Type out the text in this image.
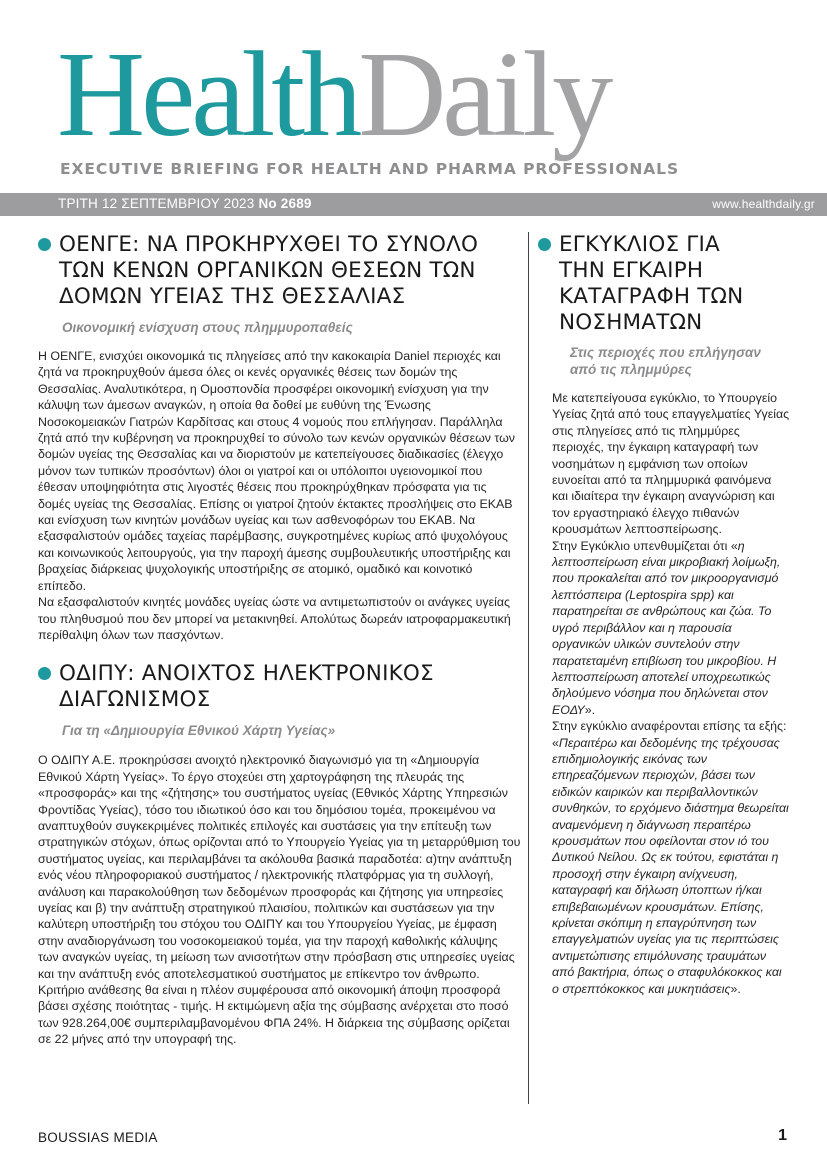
HealthDaily
EXECUTIVE BRIEFING FOR HEALTH AND PHARMA PROFESSIONALS
ΤΡΙΤΗ 12 ΣΕΠΤΕΜΒΡΙΟΥ 2023 No 2689	www.healthdaily.gr
ΟΕΝΓΕ: ΝΑ ΠΡΟΚΗΡΥΧΘΕΙ ΤΟ ΣΥΝΟΛΟ ΤΩΝ ΚΕΝΩΝ ΟΡΓΑΝΙΚΩΝ ΘΕΣΕΩΝ ΤΩΝ ΔΟΜΩΝ ΥΓΕΙΑΣ ΤΗΣ ΘΕΣΣΑΛΙΑΣ
Οικονομική ενίσχυση στους πλημμυροπαθείς

Η ΟΕΝΓΕ, ενισχύει οικονομικά τις πληγείσες από την κακοκαιρία Daniel περιοχές και ζητά να προκηρυχθούν άμεσα όλες οι κενές οργανικές θέσεις των δομών της Θεσσαλίας. Αναλυτικότερα, η Ομοσπονδία προσφέρει οικονομική ενίσχυση για την κάλυψη των άμεσων αναγκών, η οποία θα δοθεί με ευθύνη της Ένωσης Νοσοκομειακών Γιατρών Καρδίτσας και στους 4 νομούς που επλήγησαν. Παράλληλα ζητά από την κυβέρνηση να προκηρυχθεί το σύνολο των κενών οργανικών θέσεων των δομών υγείας της Θεσσαλίας και να διοριστούν με κατεπείγουσες διαδικασίες (έλεγχο μόνον των τυπικών προσόντων) όλοι οι γιατροί και οι υπόλοιποι υγειονομικοί που έθεσαν υποψηφιότητα στις λιγοστές θέσεις που προκηρύχθηκαν πρόσφατα για τις δομές υγείας της Θεσσαλίας. Επίσης οι γιατροί ζητούν έκτακτες προσλήψεις στο ΕΚΑΒ και ενίσχυση των κινητών μονάδων υγείας και των ασθενοφόρων του ΕΚΑΒ. Να εξασφαλιστούν ομάδες ταχείας παρέμβασης, συγκροτημένες κυρίως από ψυχολόγους και κοινωνικούς λειτουργούς, για την παροχή άμεσης συμβουλευτικής υποστήριξης και βραχείας διάρκειας ψυχολογικής υποστήριξης σε ατομικό, ομαδικό και κοινοτικό επίπεδο.

Να εξασφαλιστούν κινητές μονάδες υγείας ώστε να αντιμετωπιστούν οι ανάγκες υγείας του πληθυσμού που δεν μπορεί να μετακινηθεί. Απολύτως δωρεάν ιατροφαρμακευτική περίθαλψη όλων των πασχόντων.

ΟΔΙΠΥ: ΑΝΟΙΧΤΟΣ ΗΛΕΚΤΡΟΝΙΚΟΣ ΔΙΑΓΩΝΙΣΜΟΣ
Για τη «Δημιουργία Εθνικού Χάρτη Υγείας»

Ο ΟΔΙΠΥ Α.Ε. προκηρύσσει ανοιχτό ηλεκτρονικό διαγωνισμό για τη «Δημιουργία Εθνικού Χάρτη Υγείας». Το έργο στοχεύει στη χαρτογράφηση της πλευράς της «προσφοράς» και της «ζήτησης» του συστήματος υγείας (Εθνικός Χάρτης Υπηρεσιών Φροντίδας Υγείας), τόσο του ιδιωτικού όσο και του δημόσιου τομέα, προκειμένου να αναπτυχθούν συγκεκριμένες πολιτικές επιλογές και συστάσεις για την επίτευξη των στρατηγικών στόχων, όπως ορίζονται από το Υπουργείο Υγείας για τη μεταρρύθμιση του συστήματος υγείας, και περιλαμβάνει τα ακόλουθα βασικά παραδοτέα: α)την ανάπτυξη ενός νέου πληροφοριακού συστήματος / ηλεκτρονικής πλατφόρμας για τη συλλογή, ανάλυση και παρακολούθηση των δεδομένων προσφοράς και ζήτησης για υπηρεσίες υγείας και β) την ανάπτυξη στρατηγικού πλαισίου, πολιτικών και συστάσεων για την καλύτερη υποστήριξη του στόχου του ΟΔΙΠΥ και του Υπουργείου Υγείας, με έμφαση στην αναδιοργάνωση του νοσοκομειακού τομέα, για την παροχή καθολικής κάλυψης των αναγκών υγείας, τη μείωση των ανισοτήτων στην πρόσβαση στις υπηρεσίες υγείας και την ανάπτυξη ενός αποτελεσματικού συστήματος με επίκεντρο τον άνθρωπο. Κριτήριο ανάθεσης θα είναι η πλέον συμφέρουσα από οικονομική άποψη προσφορά βάσει σχέσης ποιότητας - τιμής. Η εκτιμώμενη αξία της σύμβασης ανέρχεται στο ποσό των 928.264,00€ συμπεριλαμβανομένου ΦΠΑ 24%. Η διάρκεια της σύμβασης ορίζεται σε 22 μήνες από την υπογραφή της.

ΕΓΚΥΚΛΙΟΣ ΓΙΑ ΤΗΝ ΕΓΚΑΙΡΗ ΚΑΤΑΓΡΑΦΗ ΤΩΝ ΝΟΣΗΜΑΤΩΝ
Στις περιοχές που επλήγησαν από τις πλημμύρες

Με κατεπείγουσα εγκύκλιο, το Υπουργείο Υγείας ζητά από τους επαγγελματίες Υγείας στις πληγείσες από τις πλημμύρες περιοχές, την έγκαιρη καταγραφή των νοσημάτων η εμφάνιση των οποίων ευνοείται από τα πλημμυρικά φαινόμενα και ιδιαίτερα την έγκαιρη αναγνώριση και τον εργαστηριακό έλεγχο πιθανών κρουσμάτων λεπτοσπείρωσης.

Στην Εγκύκλιο υπενθυμίζεται ότι «η λεπτοσπείρωση είναι μικροβιακή λοίμωξη, που προκαλείται από τον μικροοργανισμό λεπτόσπειρα (Leptospira spp) και παρατηρείται σε ανθρώπους και ζώα. Το υγρό περιβάλλον και η παρουσία οργανικών υλικών συντελούν στην παρατεταμένη επιβίωση του μικροβίου. Η λεπτοσπείρωση αποτελεί υποχρεωτικώς δηλούμενο νόσημα που δηλώνεται στον ΕΟΔΥ».

Στην εγκύκλιο αναφέρονται επίσης τα εξής: «Περαιτέρω και δεδομένης της τρέχουσας επιδημιολογικής εικόνας των επηρεαζόμενων περιοχών, βάσει των ειδικών καιρικών και περιβαλλοντικών συνθηκών, το ερχόμενο διάστημα θεωρείται αναμενόμενη η διάγνωση περαιτέρω κρουσμάτων που οφείλονται στον ιό του Δυτικού Νείλου. Ως εκ τούτου, εφιστάται η προσοχή στην έγκαιρη ανίχνευση, καταγραφή και δήλωση ύποπτων ή/και επιβεβαιωμένων κρουσμάτων. Επίσης, κρίνεται σκόπιμη η επαγρύπνηση των επαγγελματιών υγείας για τις περιπτώσεις αντιμετώπισης επιμόλυνσης τραυμάτων από βακτήρια, όπως ο σταφυλόκοκκος και ο στρεπτόκοκκος και μυκητιάσεις».

BOUSSIAS MEDIA	1
